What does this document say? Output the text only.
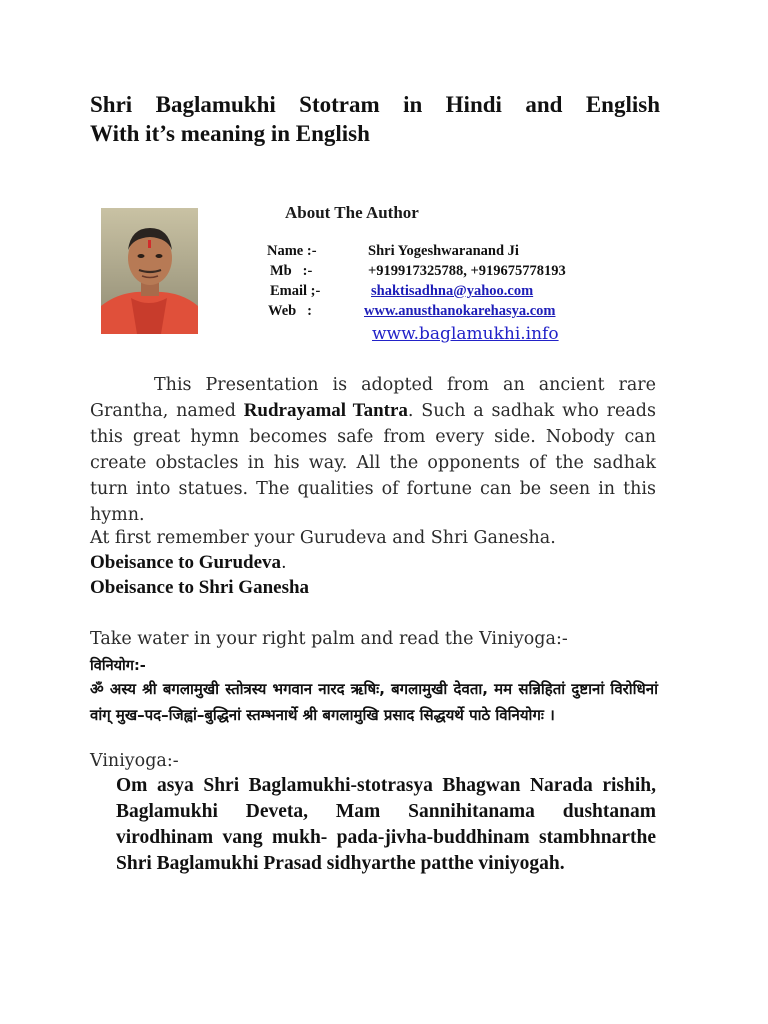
Shri Baglamukhi Stotram in Hindi and English
With it’s meaning in English
About The Author
Name :-	Shri Yogeshwaranand Ji
Mb   :-	+919917325788, +919675778193
Email ;-	shaktisadhna@yahoo.com
Web   :	www.anusthanokarehasya.com
www.baglamukhi.info
This Presentation is adopted from an ancient rare Grantha, named Rudrayamal Tantra. Such a sadhak who reads this great hymn becomes safe from every side. Nobody can create obstacles in his way. All the opponents of the sadhak turn into statues. The qualities of fortune can be seen in this hymn.
At first remember your Gurudeva and Shri Ganesha.
Obeisance to Gurudeva.
Obeisance to Shri Ganesha
Take water in your right palm and read the Viniyoga:-
विनियोग:-
ॐ अस्य श्री बगलामुखी स्तोत्रस्य भगवान नारद ऋषिः, बगलामुखी देवता, मम सन्निहितां दुष्टानां विरोधिनां वांग् मुख–पद–जिह्वां–बुद्धिनां स्तम्भनार्थे श्री बगलामुखि प्रसाद सिद्धयर्थे पाठे विनियोगः ।
Viniyoga:-
Om asya Shri Baglamukhi-stotrasya Bhagwan Narada rishih, Baglamukhi Deveta, Mam Sannihitanama dushtanam virodhinam vang mukh- pada-jivha-buddhinam stambhnarthe Shri Baglamukhi Prasad sidhyarthe patthe viniyogah.
